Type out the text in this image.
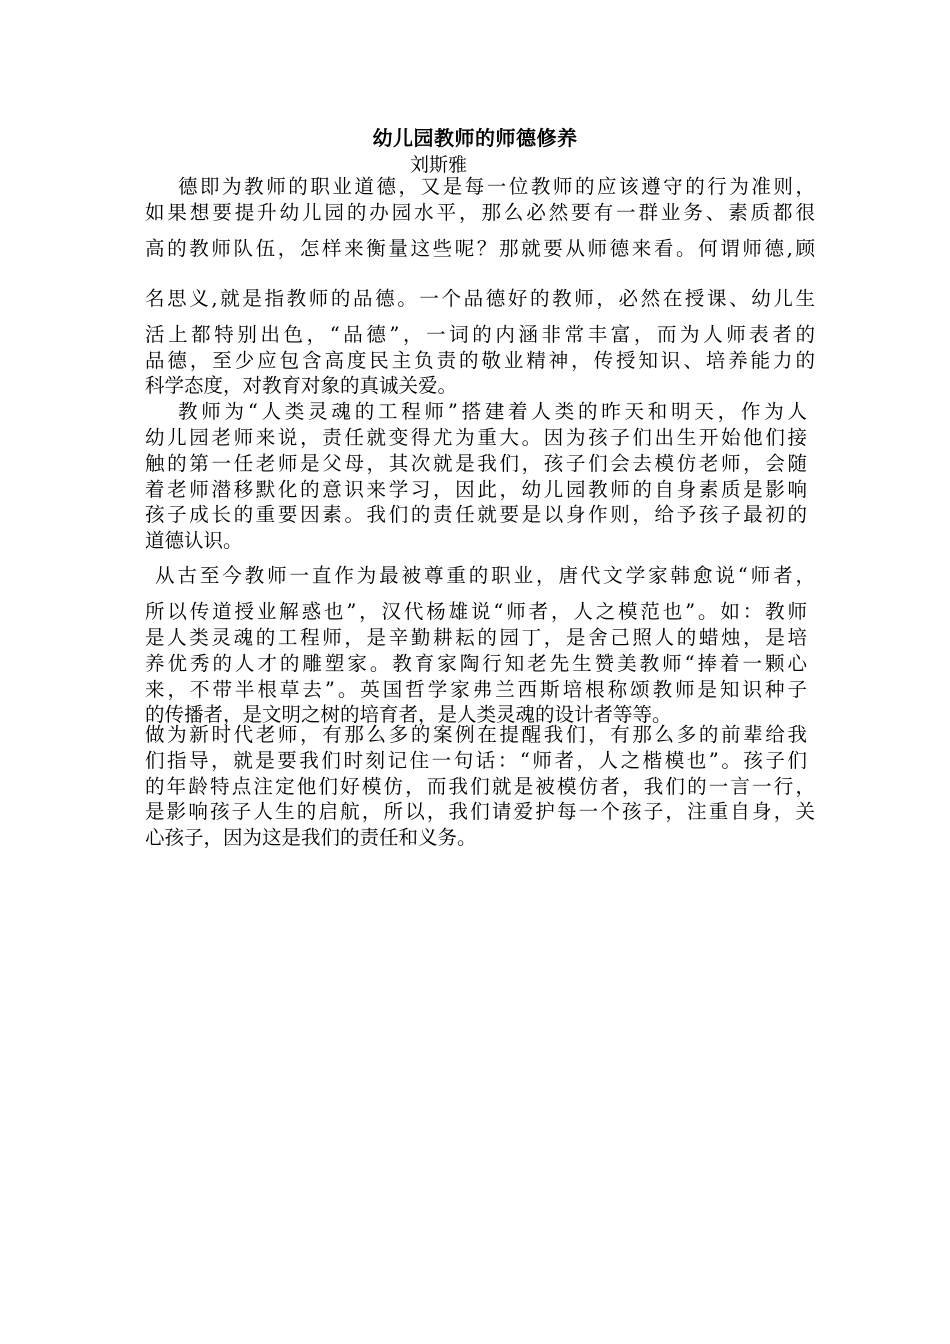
幼儿园教师的师德修养
刘斯雅
德即为教师的职业道德，又是每一位教师的应该遵守的行为准则，
如果想要提升幼儿园的办园水平，那么必然要有一群业务、素质都很
高的教师队伍，怎样来衡量这些呢？那就要从师德来看。何谓师德,顾
名思义,就是指教师的品德。一个品德好的教师，必然在授课、幼儿生
活上都特别出色，“品德”，一词的内涵非常丰富，而为人师表者的
品德，至少应包含高度民主负责的敬业精神，传授知识、培养能力的
科学态度，对教育对象的真诚关爱。
教师为“人类灵魂的工程师”搭建着人类的昨天和明天，作为人
幼儿园老师来说，责任就变得尤为重大。因为孩子们出生开始他们接
触的第一任老师是父母，其次就是我们，孩子们会去模仿老师，会随
着老师潜移默化的意识来学习，因此，幼儿园教师的自身素质是影响
孩子成长的重要因素。我们的责任就要是以身作则，给予孩子最初的
道德认识。
从古至今教师一直作为最被尊重的职业，唐代文学家韩愈说“师者，
所以传道授业解惑也”，汉代杨雄说“师者，人之模范也”。如：教师
是人类灵魂的工程师，是辛勤耕耘的园丁，是舍己照人的蜡烛，是培
养优秀的人才的雕塑家。教育家陶行知老先生赞美教师“捧着一颗心
来，不带半根草去”。英国哲学家弗兰西斯培根称颂教师是知识种子
的传播者，是文明之树的培育者，是人类灵魂的设计者等等。
做为新时代老师，有那么多的案例在提醒我们，有那么多的前辈给我
们指导，就是要我们时刻记住一句话：“师者，人之楷模也”。孩子们
的年龄特点注定他们好模仿，而我们就是被模仿者，我们的一言一行，
是影响孩子人生的启航，所以，我们请爱护每一个孩子，注重自身，关
心孩子，因为这是我们的责任和义务。
